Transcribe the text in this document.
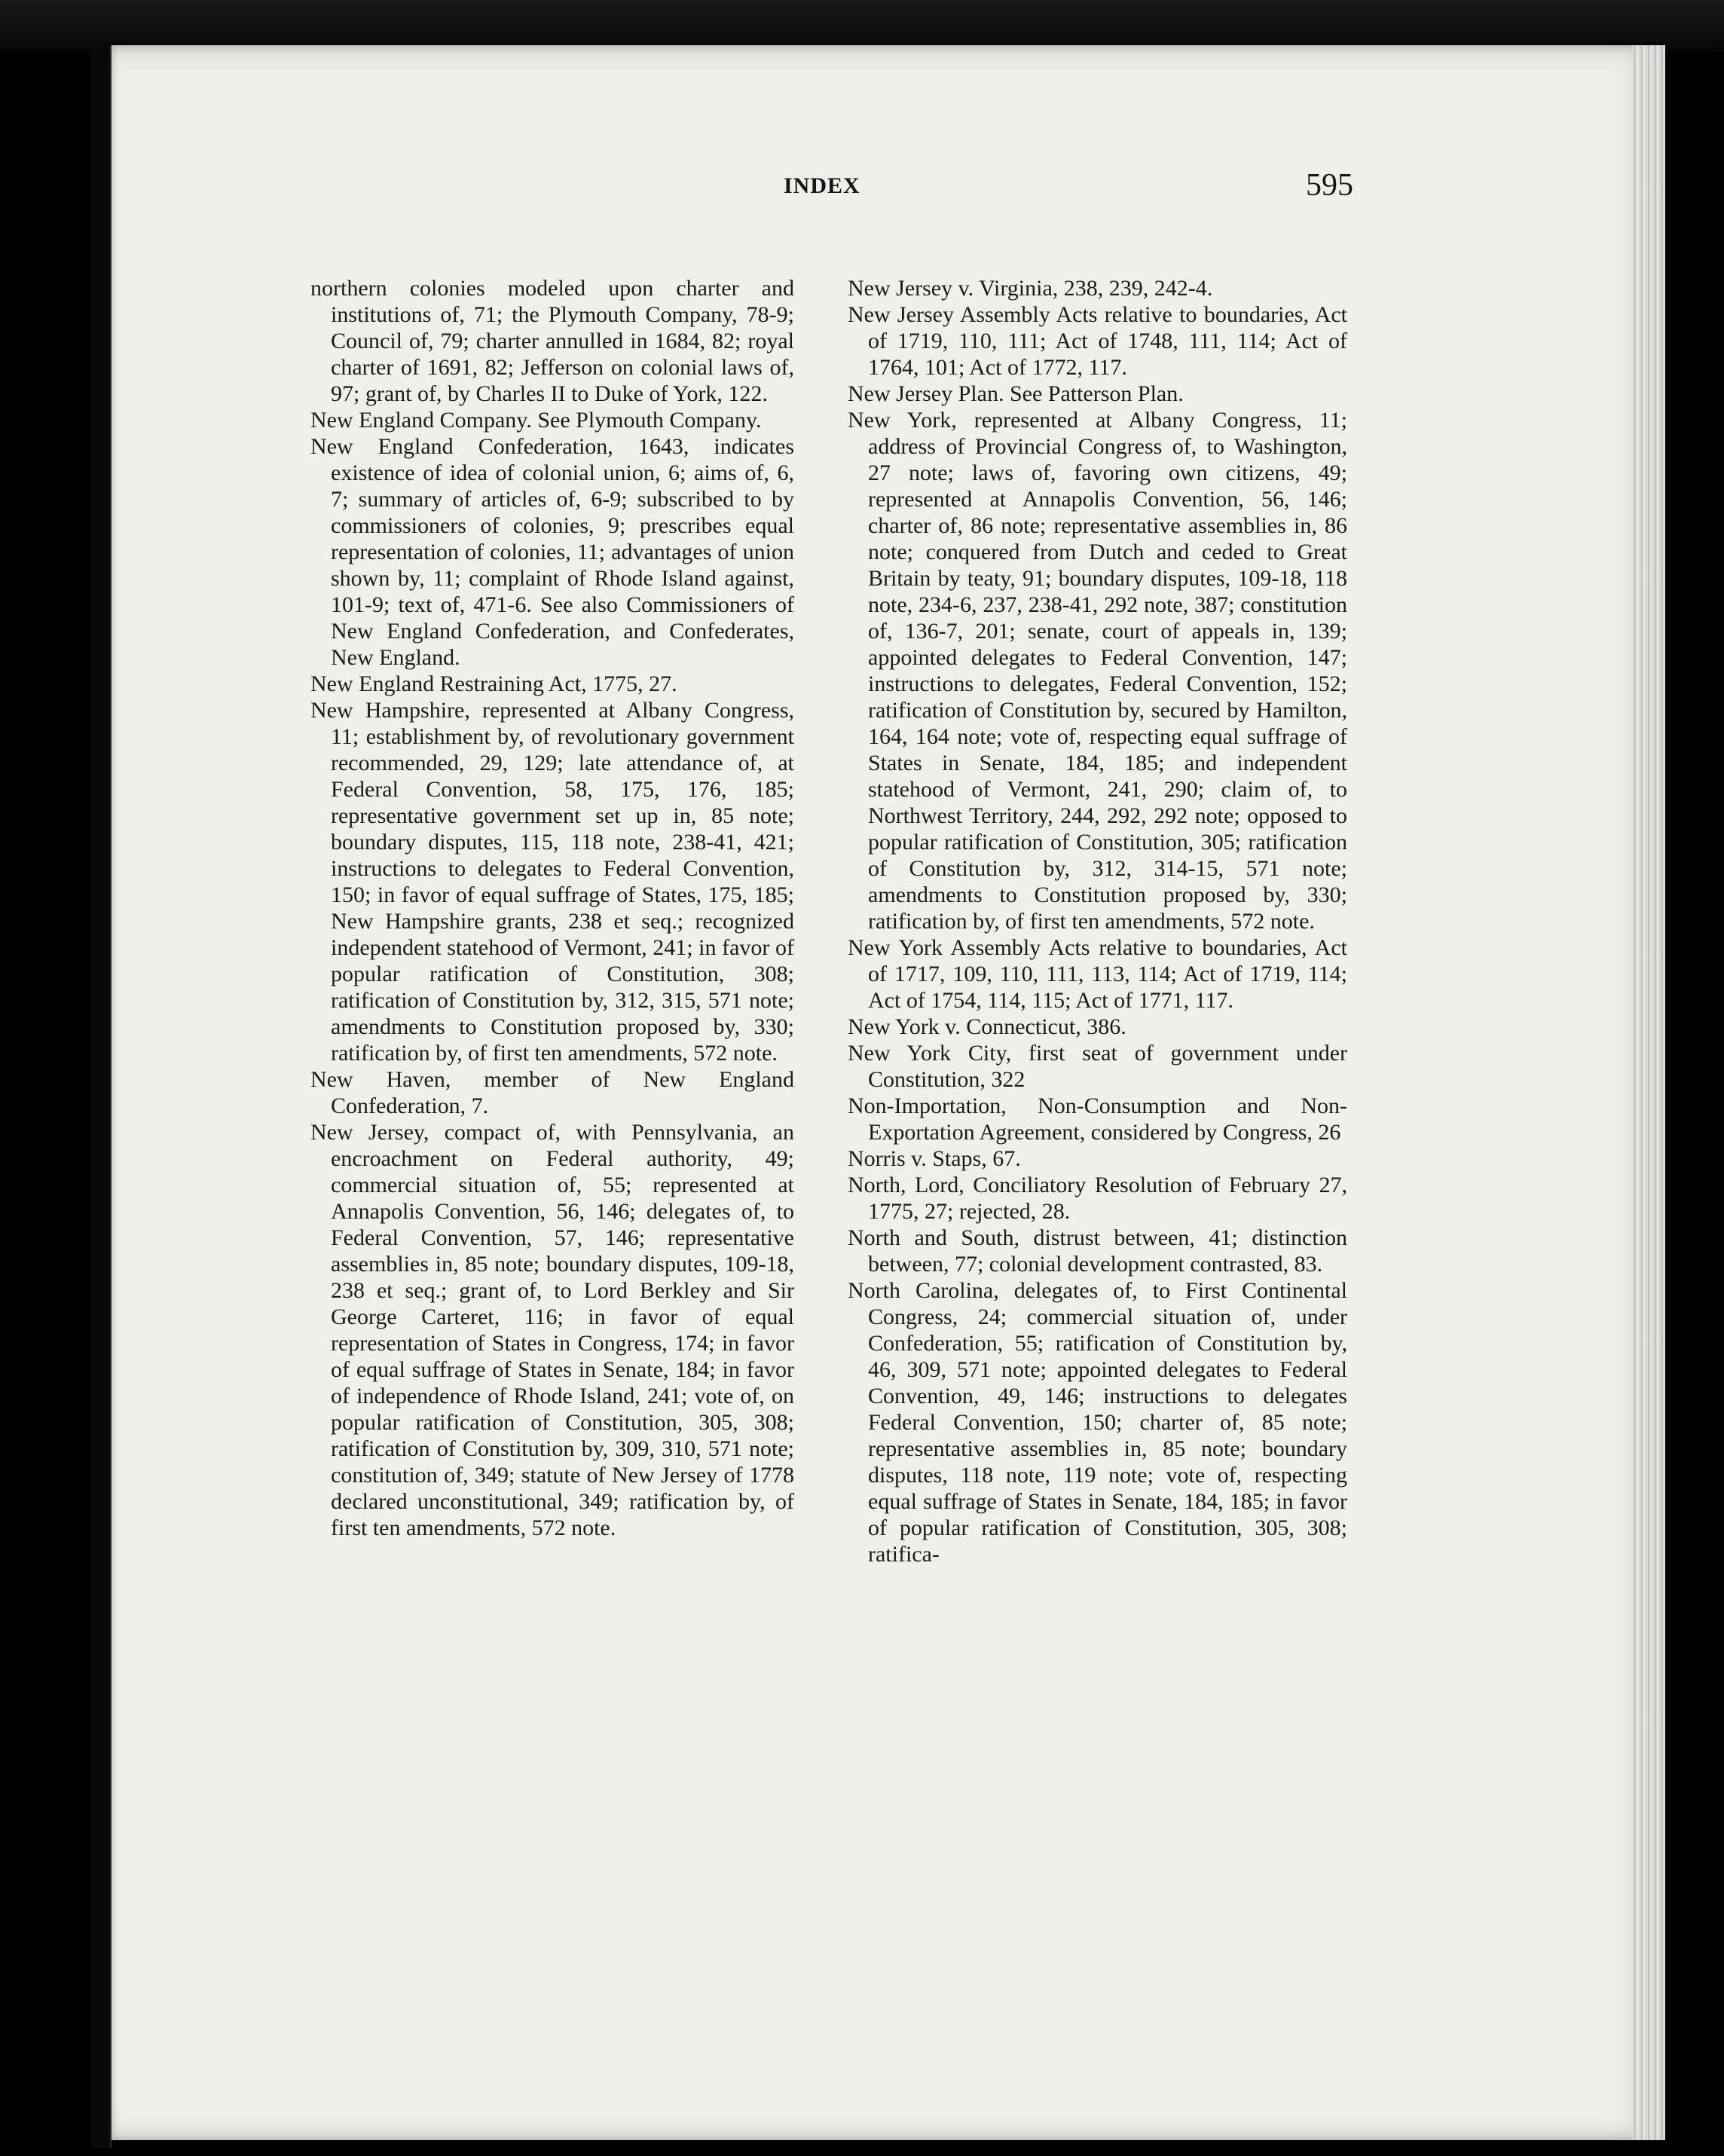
INDEX	595

northern colonies modeled upon charter and institutions of, 71; the Plymouth Company, 78-9; Council of, 79; charter annulled in 1684, 82; royal charter of 1691, 82; Jefferson on colonial laws of, 97; grant of, by Charles II to Duke of York, 122.

New England Company. See Plymouth Company.

New England Confederation, 1643, indicates existence of idea of colonial union, 6; aims of, 6, 7; summary of articles of, 6-9; subscribed to by commissioners of colonies, 9; prescribes equal representation of colonies, 11; advantages of union shown by, 11; complaint of Rhode Island against, 101-9; text of, 471-6. See also Commissioners of New England Confederation, and Confederates, New England.

New England Restraining Act, 1775, 27.

New Hampshire, represented at Albany Congress, 11; establishment by, of revolutionary government recommended, 29, 129; late attendance of, at Federal Convention, 58, 175, 176, 185; representative government set up in, 85 note; boundary disputes, 115, 118 note, 238-41, 421; instructions to delegates to Federal Convention, 150; in favor of equal suffrage of States, 175, 185; New Hampshire grants, 238 et seq.; recognized independent statehood of Vermont, 241; in favor of popular ratification of Constitution, 308; ratification of Constitution by, 312, 315, 571 note; amendments to Constitution proposed by, 330; ratification by, of first ten amendments, 572 note.

New Haven, member of New England Confederation, 7.

New Jersey, compact of, with Pennsylvania, an encroachment on Federal authority, 49; commercial situation of, 55; represented at Annapolis Convention, 56, 146; delegates of, to Federal Convention, 57, 146; representative assemblies in, 85 note; boundary disputes, 109-18, 238 et seq.; grant of, to Lord Berkley and Sir George Carteret, 116; in favor of equal representation of States in Congress, 174; in favor of equal suffrage of States in Senate, 184; in favor of independence of Rhode Island, 241; vote of, on popular ratification of Constitution, 305, 308; ratification of Constitution by, 309, 310, 571 note; constitution of, 349; statute of New Jersey of 1778 declared unconstitutional, 349; ratification by, of first ten amendments, 572 note.

New Jersey v. Virginia, 238, 239, 242-4.

New Jersey Assembly Acts relative to boundaries, Act of 1719, 110, 111; Act of 1748, 111, 114; Act of 1764, 101; Act of 1772, 117.

New Jersey Plan. See Patterson Plan.

New York, represented at Albany Congress, 11; address of Provincial Congress of, to Washington, 27 note; laws of, favoring own citizens, 49; represented at Annapolis Convention, 56, 146; charter of, 86 note; representative assemblies in, 86 note; conquered from Dutch and ceded to Great Britain by teaty, 91; boundary disputes, 109-18, 118 note, 234-6, 237, 238-41, 292 note, 387; constitution of, 136-7, 201; senate, court of appeals in, 139; appointed delegates to Federal Convention, 147; instructions to delegates, Federal Convention, 152; ratification of Constitution by, secured by Hamilton, 164, 164 note; vote of, respecting equal suffrage of States in Senate, 184, 185; and independent statehood of Vermont, 241, 290; claim of, to Northwest Territory, 244, 292, 292 note; opposed to popular ratification of Constitution, 305; ratification of Constitution by, 312, 314-15, 571 note; amendments to Constitution proposed by, 330; ratification by, of first ten amendments, 572 note.

New York Assembly Acts relative to boundaries, Act of 1717, 109, 110, 111, 113, 114; Act of 1719, 114; Act of 1754, 114, 115; Act of 1771, 117.

New York v. Connecticut, 386.

New York City, first seat of government under Constitution, 322

Non-Importation, Non-Consumption and Non-Exportation Agreement, considered by Congress, 26

Norris v. Staps, 67.

North, Lord, Conciliatory Resolution of February 27, 1775, 27; rejected, 28.

North and South, distrust between, 41; distinction between, 77; colonial development contrasted, 83.

North Carolina, delegates of, to First Continental Congress, 24; commercial situation of, under Confederation, 55; ratification of Constitution by, 46, 309, 571 note; appointed delegates to Federal Convention, 49, 146; instructions to delegates Federal Convention, 150; charter of, 85 note; representative assemblies in, 85 note; boundary disputes, 118 note, 119 note; vote of, respecting equal suffrage of States in Senate, 184, 185; in favor of popular ratification of Constitution, 305, 308; ratifica-
